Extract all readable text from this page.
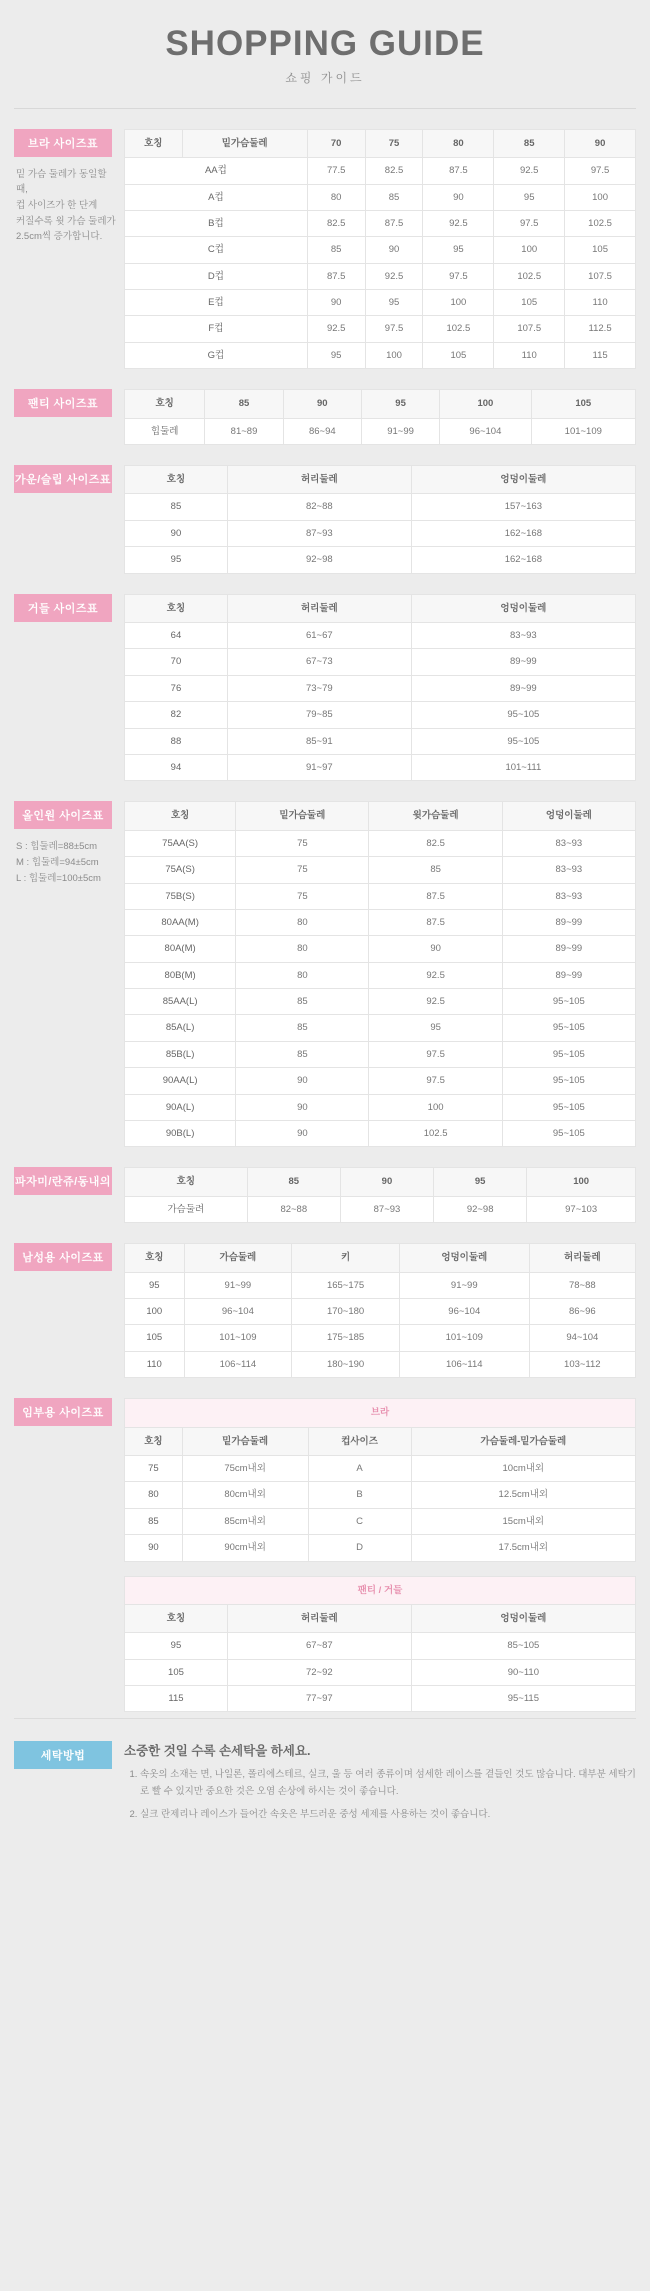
SHOPPING GUIDE
쇼핑 가이드
브라 사이즈표
밑 가슴 둘레가 동일할 때,
컵 사이즈가 한 단계
커질수록 윗 가슴 둘레가
2.5cm씩 증가합니다.
호칭	밑가슴둘레	70	75	80	85	90
AA컵		77.5	82.5	87.5	92.5	97.5
A컵		80	85	90	95	100
B컵		82.5	87.5	92.5	97.5	102.5
C컵		85	90	95	100	105
D컵		87.5	92.5	97.5	102.5	107.5
E컵		90	95	100	105	110
F컵		92.5	97.5	102.5	107.5	112.5
G컵		95	100	105	110	115
팬티 사이즈표	호칭	85	90	95	100	105
힙둘레	81~89	86~94	91~99	96~104	101~109
가운/슬립 사이즈표	호칭	허리둘레	엉덩이둘레
85	82~88	157~163
90	87~93	162~168
95	92~98	162~168
거들 사이즈표	호칭	허리둘레	엉덩이둘레
64	61~67	83~93
70	67~73	89~99
76	73~79	89~99
82	79~85	95~105
88	85~91	95~105
94	91~97	101~111
올인원 사이즈표
S : 힙둘레=88±5cm
M : 힙둘레=94±5cm
L : 힙둘레=100±5cm
호칭	밑가슴둘레	윗가슴둘레	엉덩이둘레
75AA(S)	75	82.5	83~93
75A(S)	75	85	83~93
75B(S)	75	87.5	83~93
80AA(M)	80	87.5	89~99
80A(M)	80	90	89~99
80B(M)	80	92.5	89~99
85AA(L)	85	92.5	95~105
85A(L)	85	95	95~105
85B(L)	85	97.5	95~105
90AA(L)	90	97.5	95~105
90A(L)	90	100	95~105
90B(L)	90	102.5	95~105
파자미/란쥬/동내의	호칭	85	90	95	100
가슴둘려	82~88	87~93	92~98	97~103
남성용 사이즈표	호칭	가슴둘레	키	엉덩이둘레	허리둘레
95	91~99	165~175	91~99	78~88
100	96~104	170~180	96~104	86~96
105	101~109	175~185	101~109	94~104
110	106~114	180~190	106~114	103~112
임부용 사이즈표	브라			
호칭	밑가슴둘레	컵사이즈	가슴둘레-밑가슴둘레
75	75cm내외	A	10cm내외
80	80cm내외	B	12.5cm내외
85	85cm내외	C	15cm내외
90	90cm내외	D	17.5cm내외
팬티 / 거들		
호칭	허리둘레	엉덩이둘레
95	67~87	85~105
105	72~92	90~110
115	77~97	95~115
세탁방법	소중한 것일 수록 손세탁을 하세요.
1. 속옷의 소재는 면, 나일론, 폴리에스테르, 실크, 울 등 여러 종류이며 섬세한 레이스를 곁들인 것도 많습니다. 대부분 세탁기로 빨 수 있지만 중요한 것은 오염 손상에 하시는 것이 좋습니다.
2. 실크 란제리나 레이스가 들어간 속옷은 부드러운 중성 세제를 사용하는 것이 좋습니다.
